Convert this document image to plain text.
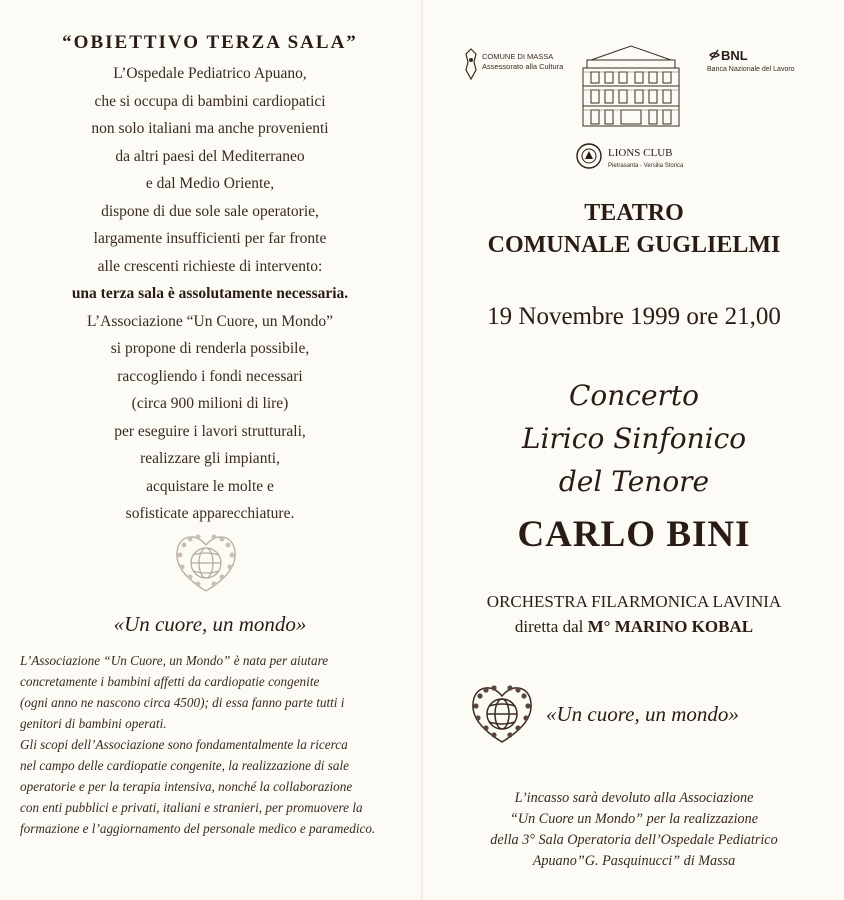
“OBIETTIVO TERZA SALA”
L’Ospedale Pediatrico Apuano,
che si occupa di bambini cardiopatici
non solo italiani ma anche provenienti
da altri paesi del Mediterraneo
e dal Medio Oriente,
dispone di due sole sale operatorie,
largamente insufficienti per far fronte
alle crescenti richieste di intervento:
una terza sala è assolutamente necessaria.
L’Associazione “Un Cuore, un Mondo”
si propone di renderla possibile,
raccogliendo i fondi necessari
(circa 900 milioni di lire)
per eseguire i lavori strutturali,
realizzare gli impianti,
acquistare le molte e
sofisticate apparecchiature.
«Un cuore, un mondo»
L’Associazione “Un Cuore, un Mondo” è nata per aiutare
concretamente i bambini affetti da cardiopatie congenite
(ogni anno ne nascono circa 4500); di essa fanno parte tutti i
genitori di bambini operati.
Gli scopi dell’Associazione sono fondamentalmente la ricerca
nel campo delle cardiopatie congenite, la realizzazione di sale
operatorie e per la terapia intensiva, nonché la collaborazione
con enti pubblici e privati, italiani e stranieri, per promuovere la
formazione e l’aggiornamento del personale medico e paramedico.
COMUNE DI MASSA
Assessorato alla Cultura
BNL
Banca Nazionale del Lavoro
LIONS CLUB
Pietrasanta - Versilia Storica
TEATRO
COMUNALE GUGLIELMI
19 Novembre 1999 ore 21,00
Concerto
Lirico Sinfonico
del Tenore
CARLO BINI
ORCHESTRA FILARMONICA LAVINIA
diretta dal M° MARINO KOBAL
«Un cuore, un mondo»
L’incasso sarà devoluto alla Associazione
“Un Cuore un Mondo” per la realizzazione
della 3° Sala Operatoria dell’Ospedale Pediatrico
Apuano”G. Pasquinucci” di Massa
